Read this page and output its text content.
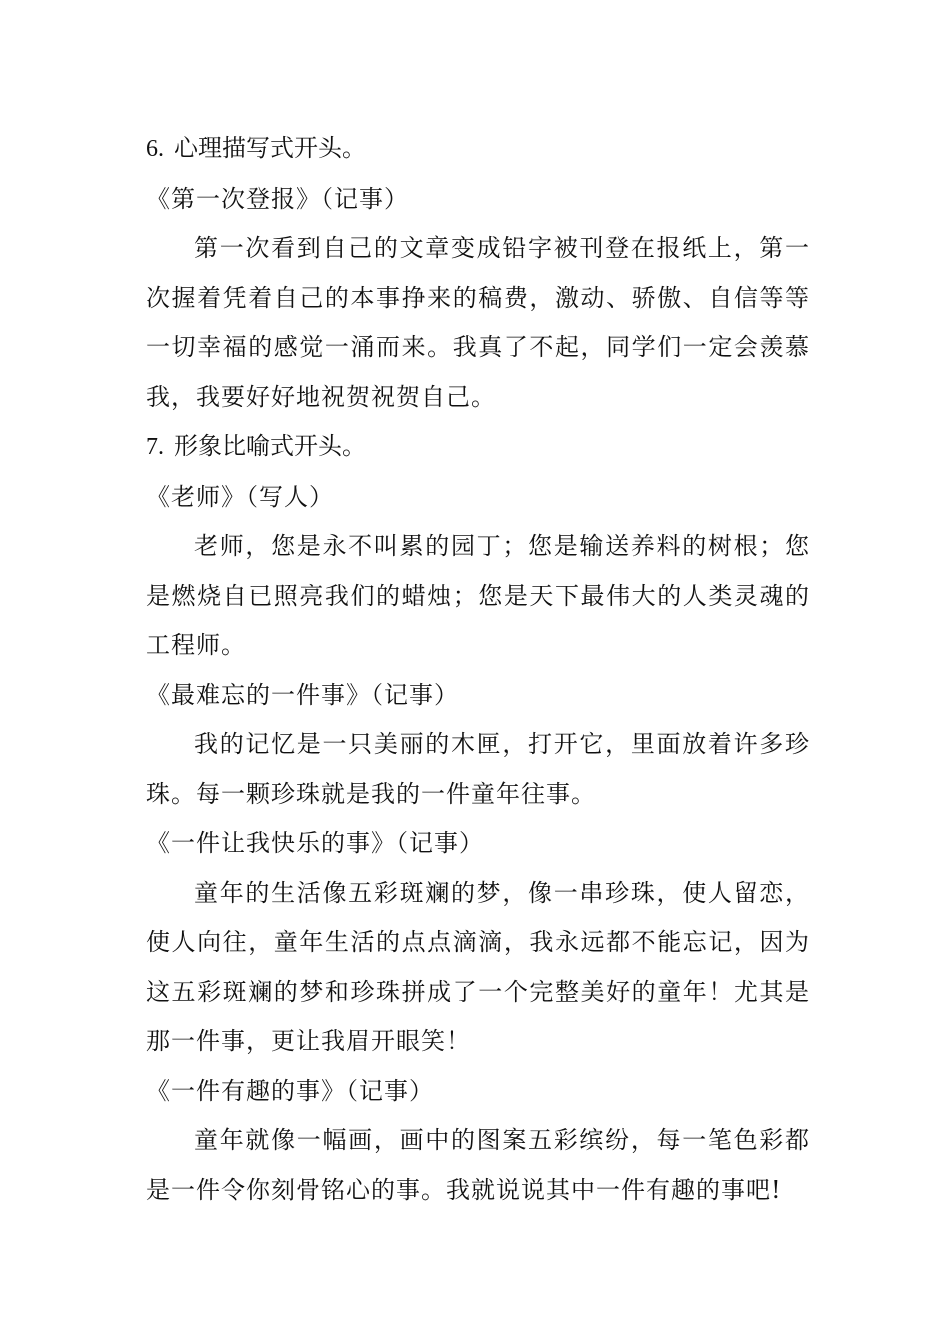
6. 心理描写式开头。

《第一次登报》（记事）

第一次看到自己的文章变成铅字被刊登在报纸上，第一次握着凭着自己的本事挣来的稿费，激动、骄傲、自信等等一切幸福的感觉一涌而来。我真了不起，同学们一定会羡慕我，我要好好地祝贺祝贺自己。

7. 形象比喻式开头。

《老师》（写人）

老师，您是永不叫累的园丁；您是输送养料的树根；您是燃烧自已照亮我们的蜡烛；您是天下最伟大的人类灵魂的工程师。

《最难忘的一件事》（记事）

我的记忆是一只美丽的木匣，打开它，里面放着许多珍珠。每一颗珍珠就是我的一件童年往事。

《一件让我快乐的事》（记事）

童年的生活像五彩斑斓的梦，像一串珍珠，使人留恋，使人向往，童年生活的点点滴滴，我永远都不能忘记，因为这五彩斑斓的梦和珍珠拼成了一个完整美好的童年！尤其是那一件事，更让我眉开眼笑！

《一件有趣的事》（记事）

童年就像一幅画，画中的图案五彩缤纷，每一笔色彩都是一件令你刻骨铭心的事。我就说说其中一件有趣的事吧!
